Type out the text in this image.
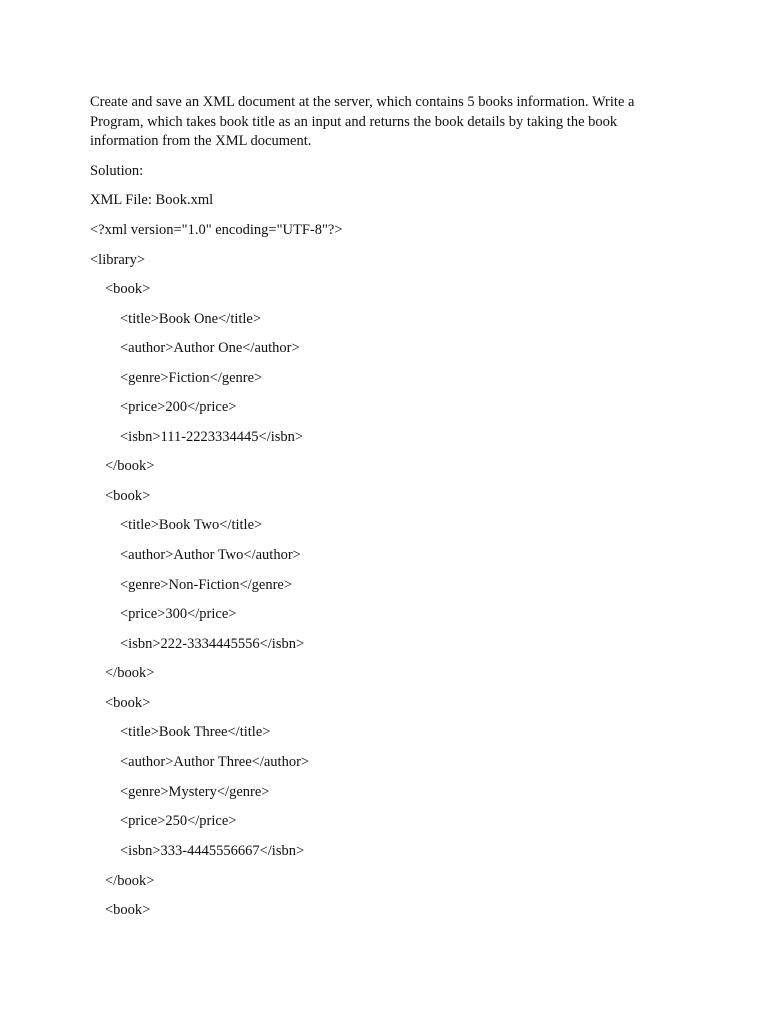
Create and save an XML document at the server, which contains 5 books information. Write a Program, which takes book title as an input and returns the book details by taking the book information from the XML document.

Solution:

XML File: Book.xml

<?xml version="1.0" encoding="UTF-8"?>

<library>

<book>

<title>Book One</title>

<author>Author One</author>

<genre>Fiction</genre>

<price>200</price>

<isbn>111-2223334445</isbn>

</book>

<book>

<title>Book Two</title>

<author>Author Two</author>

<genre>Non-Fiction</genre>

<price>300</price>

<isbn>222-3334445556</isbn>

</book>

<book>

<title>Book Three</title>

<author>Author Three</author>

<genre>Mystery</genre>

<price>250</price>

<isbn>333-4445556667</isbn>

</book>

<book>
